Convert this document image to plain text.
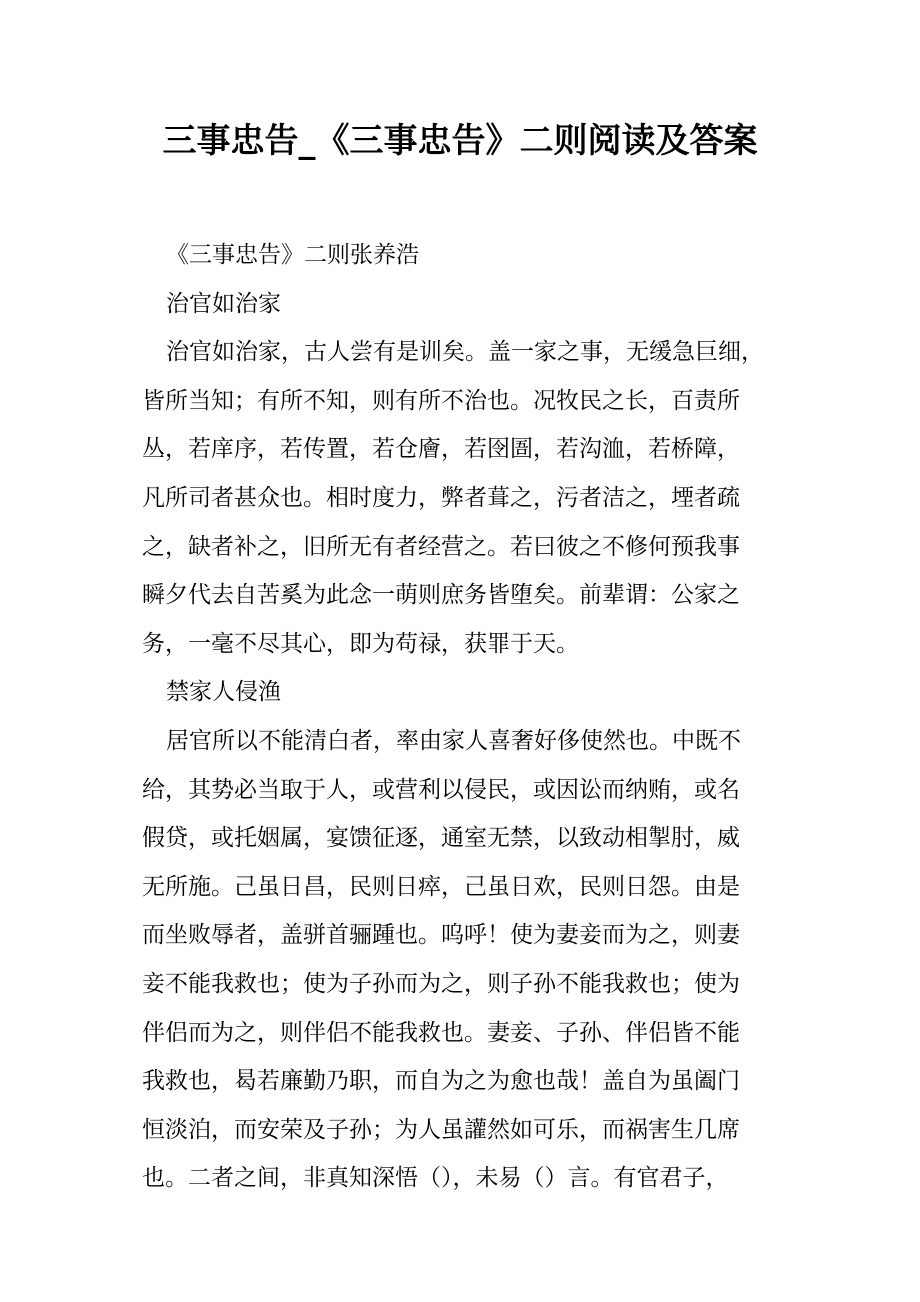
三事忠告_《三事忠告》二则阅读及答案
《三事忠告》二则张养浩
治官如治家
治官如治家，古人尝有是训矣。盖一家之事，无缓急巨细，
皆所当知；有所不知，则有所不治也。况牧民之长，百责所
丛，若庠序，若传置，若仓廥，若囹圄，若沟洫，若桥障，
凡所司者甚众也。相时度力，弊者葺之，污者洁之，堙者疏
之，缺者补之，旧所无有者经营之。若曰彼之不修何预我事
瞬夕代去自苦奚为此念一萌则庶务皆堕矣。前辈谓：公家之
务，一毫不尽其心，即为苟禄，获罪于天。
禁家人侵渔
居官所以不能清白者，率由家人喜奢好侈使然也。中既不
给，其势必当取于人，或营利以侵民，或因讼而纳贿，或名
假贷，或托姻属，宴馈征逐，通室无禁，以致动相掣肘，威
无所施。己虽日昌，民则日瘁，己虽日欢，民则日怨。由是
而坐败辱者，盖骈首骊踵也。呜呼！使为妻妾而为之，则妻
妾不能我救也；使为子孙而为之，则子孙不能我救也；使为
伴侣而为之，则伴侣不能我救也。妻妾、子孙、伴侣皆不能
我救也，曷若廉勤乃职，而自为之为愈也哉！盖自为虽阖门
恒淡泊，而安荣及子孙；为人虽讙然如可乐，而祸害生几席
也。二者之间，非真知深悟（），未易（）言。有官君子，
